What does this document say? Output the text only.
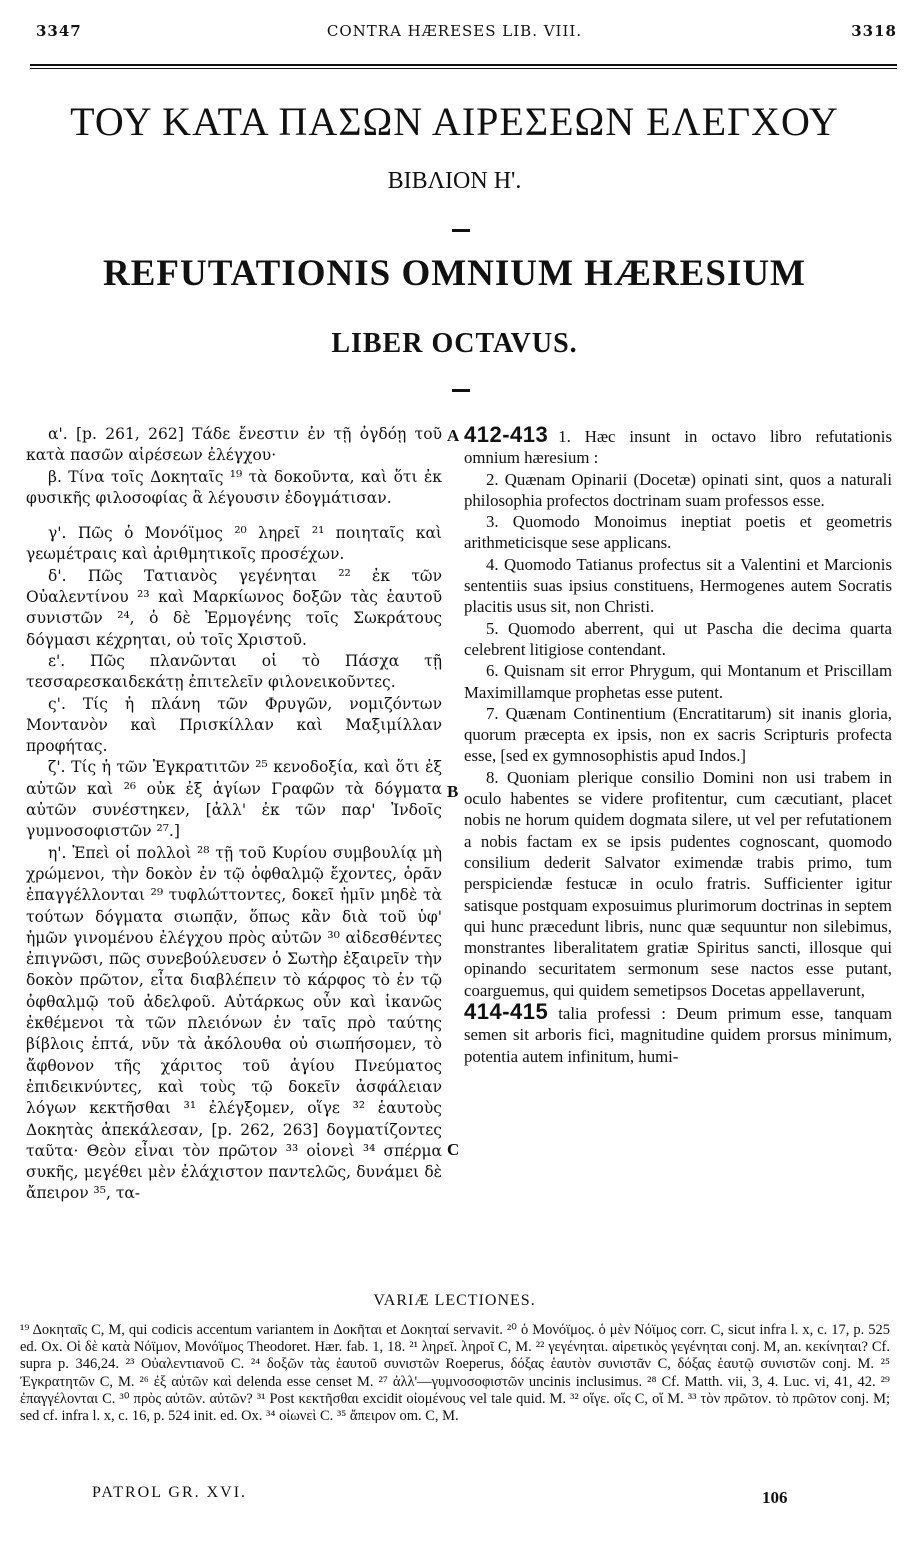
3347	CONTRA HÆRESES LIB. VIII.	3318
ΤΟΥ ΚΑΤΑ ΠΑΣΩΝ ΑΙΡΕΣΕΩΝ ΕΛΕΓΧΟΥ
ΒΙΒΛΙΟΝ Η'.
REFUTATIONIS OMNIUM HÆRESIUM
LIBER OCTAVUS.

α'. [p. 261, 262] Τάδε ἔνεστιν ἐν τῇ ὀγδόῃ τοῦ κατὰ πασῶν αἱρέσεων ἐλέγχου·

β. Τίνα τοῖς Δοκηταῖς ¹⁹ τὰ δοκοῦντα, καὶ ὅτι ἐκ φυσικῆς φιλοσοφίας ἃ λέγουσιν ἐδογμάτισαν.

γ'. Πῶς ὁ Μονόϊμος ²⁰ ληρεῖ ²¹ ποιηταῖς καὶ γεωμέτραις καὶ ἀριθμητικοῖς προσέχων.

δ'. Πῶς Τατιανὸς γεγένηται ²² ἐκ τῶν Οὐαλεντίνου ²³ καὶ Μαρκίωνος δοξῶν τὰς ἑαυτοῦ συνιστῶν ²⁴, ὁ δὲ Ἑρμογένης τοῖς Σωκράτους δόγμασι κέχρηται, οὐ τοῖς Χριστοῦ.

ε'. Πῶς πλανῶνται οἱ τὸ Πάσχα τῇ τεσσαρεσκαιδεκάτῃ ἐπιτελεῖν φιλονεικοῦντες.

ς'. Τίς ἡ πλάνη τῶν Φρυγῶν, νομιζόντων Μοντανὸν καὶ Πρισκίλλαν καὶ Μαξιμίλλαν προφήτας.

ζ'. Τίς ἡ τῶν Ἐγκρατιτῶν ²⁵ κενοδοξία, καὶ ὅτι ἐξ αὐτῶν καὶ ²⁶ οὐκ ἐξ ἁγίων Γραφῶν τὰ δόγματα αὐτῶν συνέστηκεν, [ἀλλ' ἐκ τῶν παρ' Ἰνδοῖς γυμνοσοφιστῶν ²⁷.]

η'. Ἐπεὶ οἱ πολλοὶ ²⁸ τῇ τοῦ Κυρίου συμβουλίᾳ μὴ χρώμενοι, τὴν δοκὸν ἐν τῷ ὀφθαλμῷ ἔχοντες, ὁρᾶν ἐπαγγέλλονται ²⁹ τυφλώττοντες, δοκεῖ ἡμῖν μηδὲ τὰ τούτων δόγματα σιωπᾷν, ὅπως κἂν διὰ τοῦ ὑφ' ἡμῶν γινομένου ἐλέγχου πρὸς αὐτῶν ³⁰ αἰδεσθέντες ἐπιγνῶσι, πῶς συνεβούλευσεν ὁ Σωτὴρ ἐξαιρεῖν τὴν δοκὸν πρῶτον, εἶτα διαβλέπειν τὸ κάρφος τὸ ἐν τῷ ὀφθαλμῷ τοῦ ἀδελφοῦ. Αὐτάρκως οὖν καὶ ἱκανῶς ἐκθέμενοι τὰ τῶν πλειόνων ἐν ταῖς πρὸ ταύτης βίβλοις ἑπτά, νῦν τὰ ἀκόλουθα οὐ σιωπήσομεν, τὸ ἄφθονον τῆς χάριτος τοῦ ἁγίου Πνεύματος ἐπιδεικνύντες, καὶ τοὺς τῷ δοκεῖν ἀσφάλειαν λόγων κεκτῆσθαι ³¹ ἐλέγξομεν, οἵγε ³² ἑαυτοὺς Δοκητὰς ἀπεκάλεσαν, [p. 262, 263] δογματίζοντες ταῦτα· Θεὸν εἶναι τὸν πρῶτον ³³ οἱονεὶ ³⁴ σπέρμα συκῆς, μεγέθει μὲν ἐλάχιστον παντελῶς, δυνάμει δὲ ἄπειρον ³⁵, τα-

A
B
C

412-413 1. Hæc insunt in octavo libro refutationis omnium hæresium :

2. Quænam Opinarii (Docetæ) opinati sint, quos a naturali philosophia profectos doctrinam suam professos esse.

3. Quomodo Monoimus ineptiat poetis et geometris arithmeticisque sese applicans.

4. Quomodo Tatianus profectus sit a Valentini et Marcionis sententiis suas ipsius constituens, Hermogenes autem Socratis placitis usus sit, non Christi.

5. Quomodo aberrent, qui ut Pascha die decima quarta celebrent litigiose contendant.

6. Quisnam sit error Phrygum, qui Montanum et Priscillam Maximillamque prophetas esse putent.

7. Quænam Continentium (Encratitarum) sit inanis gloria, quorum præcepta ex ipsis, non ex sacris Scripturis profecta esse, [sed ex gymnosophistis apud Indos.]

8. Quoniam plerique consilio Domini non usi trabem in oculo habentes se videre profitentur, cum cæcutiant, placet nobis ne horum quidem dogmata silere, ut vel per refutationem a nobis factam ex se ipsis pudentes cognoscant, quomodo consilium dederit Salvator eximendæ trabis primo, tum perspiciendæ festucæ in oculo fratris. Sufficienter igitur satisque postquam exposuimus plurimorum doctrinas in septem qui hunc præcedunt libris, nunc quæ sequuntur non silebimus, monstrantes liberalitatem gratiæ Spiritus sancti, illosque qui opinando securitatem sermonum sese nactos esse putant, coarguemus, qui quidem semetipsos Docetas appellaverunt,

414-415 talia professi : Deum primum esse, tanquam semen sit arboris fici, magnitudine quidem prorsus minimum, potentia autem infinitum, humi-

VARIÆ LECTIONES.
¹⁹ Δοκηταῖς C, M, qui codicis accentum variantem in Δοκῆται et Δοκηταί servavit. ²⁰ ὁ Μονόϊμος. ὁ μὲν Νόϊμος corr. C, sicut infra l. x, c. 17, p. 525 ed. Ox. Οἱ δὲ κατὰ Νόϊμον, Μονόϊμος Theodoret. Hær. fab. 1, 18. ²¹ ληρεῖ. ληροῖ C, M. ²² γεγένηται. αἱρετικὸς γεγένηται conj. M, an. κεκίνηται? Cf. supra p. 346,24. ²³ Οὐαλεντιανοῦ C. ²⁴ δοξῶν τὰς ἑαυτοῦ συνιστῶν Roeperus, δόξας ἑαυτὸν συνιστᾶν C, δόξας ἑαυτῷ συνιστῶν conj. M. ²⁵ Ἐγκρατητῶν C, M. ²⁶ ἐξ αὐτῶν καὶ delenda esse censet M. ²⁷ ἀλλ'—γυμνοσοφιστῶν uncinis inclusimus. ²⁸ Cf. Matth. vii, 3, 4. Luc. vi, 41, 42. ²⁹ ἐπαγγέλονται C. ³⁰ πρὸς αὐτῶν. αὐτῶν? ³¹ Post κεκτῆσθαι excidit οἰομένους vel tale quid. M. ³² οἵγε. οἵς C, οἵ M. ³³ τὸν πρῶτον. τὸ πρῶτον conj. M; sed cf. infra l. x, c. 16, p. 524 init. ed. Ox. ³⁴ οἰωνεὶ C. ³⁵ ἄπειρον om. C, M.
PATROL GR. XVI.	106
